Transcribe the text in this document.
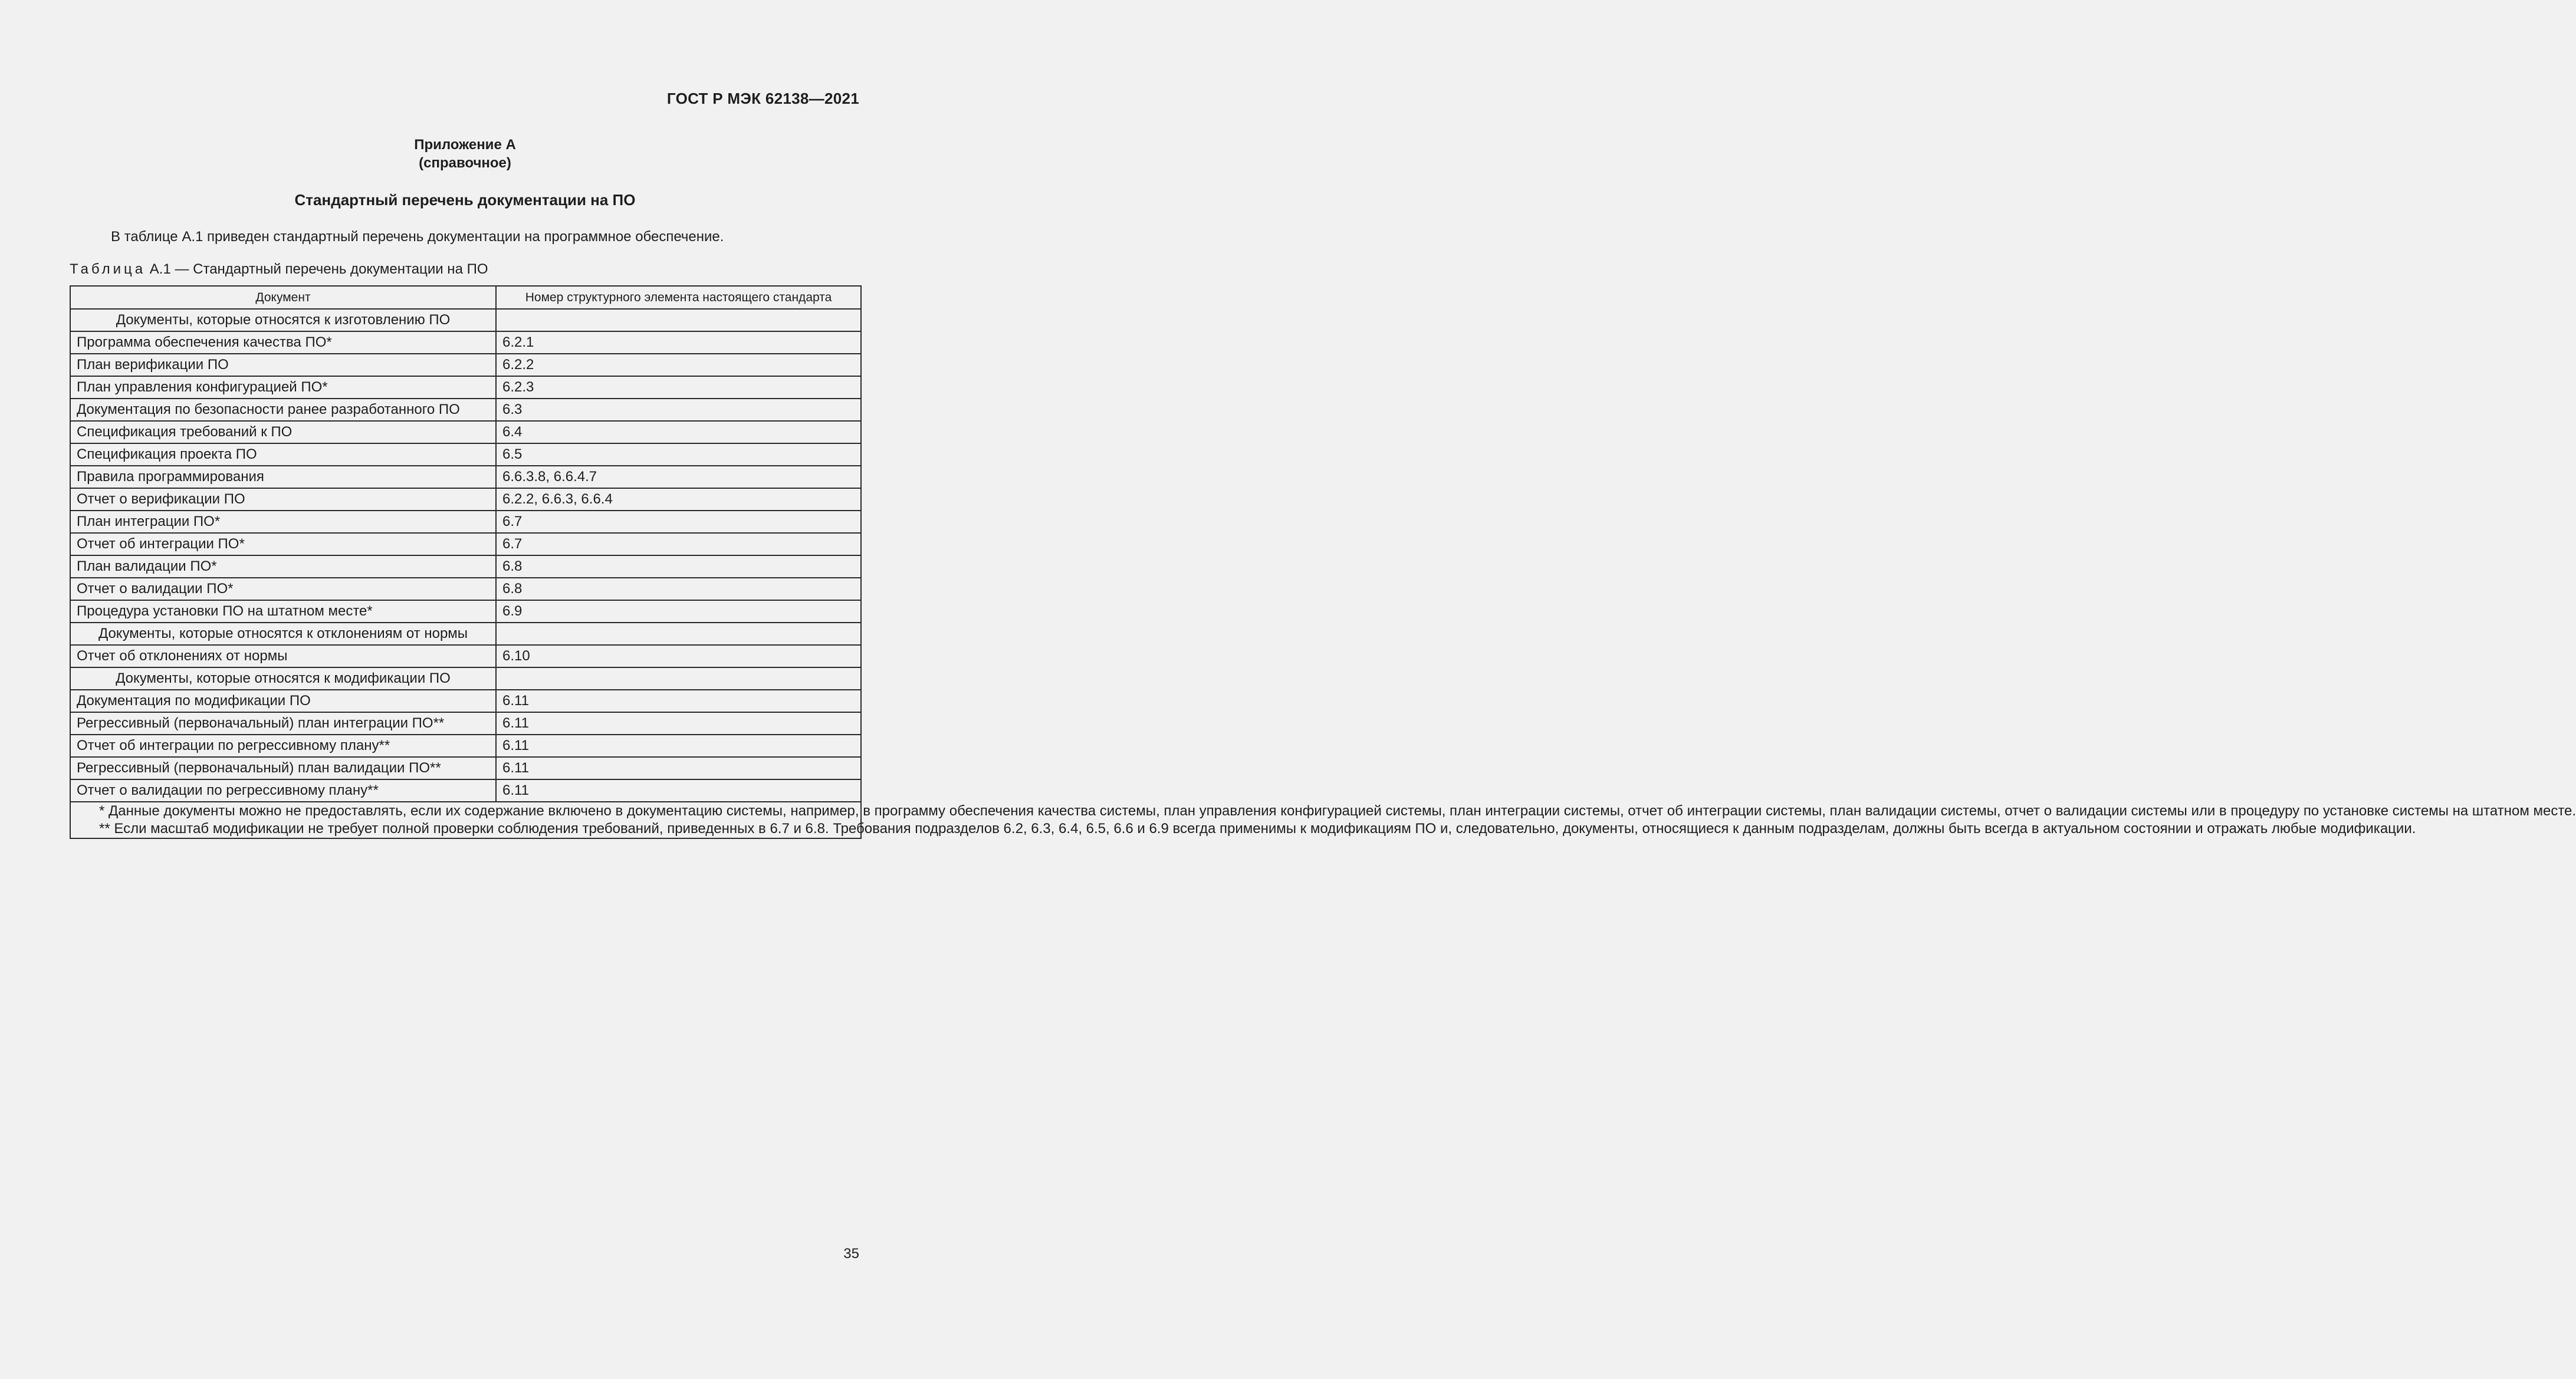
ГОСТ Р МЭК 62138—2021
Приложение А
(справочное)
Стандартный перечень документации на ПО
В таблице А.1 приведен стандартный перечень документации на программное обеспечение.
Таблица А.1 — Стандартный перечень документации на ПО
Документ	Номер структурного элемента настоящего стандарта
Документы, которые относятся к изготовлению ПО	
Программа обеспечения качества ПО*	6.2.1
План верификации ПО	6.2.2
План управления конфигурацией ПО*	6.2.3
Документация по безопасности ранее разработанного ПО	6.3
Спецификация требований к ПО	6.4
Спецификация проекта ПО	6.5
Правила программирования	6.6.3.8, 6.6.4.7
Отчет о верификации ПО	6.2.2, 6.6.3, 6.6.4
План интеграции ПО*	6.7
Отчет об интеграции ПО*	6.7
План валидации ПО*	6.8
Отчет о валидации ПО*	6.8
Процедура установки ПО на штатном месте*	6.9
Документы, которые относятся к отклонениям от нормы	
Отчет об отклонениях от нормы	6.10
Документы, которые относятся к модификации ПО	
Документация по модификации ПО	6.11
Регрессивный (первоначальный) план интеграции ПО**	6.11
Отчет об интеграции по регрессивному плану**	6.11
Регрессивный (первоначальный) план валидации ПО**	6.11
Отчет о валидации по регрессивному плану**	6.11

* Данные документы можно не предоставлять, если их содержание включено в документацию системы, например, в программу обеспечения качества системы, план управления конфигурацией системы, план интеграции системы, отчет об интеграции системы, план валидации системы, отчет о валидации системы или в процедуру по установке системы на штатном месте.

** Если масштаб модификации не требует полной проверки соблюдения требований, приведенных в 6.7 и 6.8. Требования подразделов 6.2, 6.3, 6.4, 6.5, 6.6 и 6.9 всегда применимы к модификациям ПО и, следовательно, документы, относящиеся к данным подразделам, должны быть всегда в актуальном состоянии и отражать любые модификации.	

35
